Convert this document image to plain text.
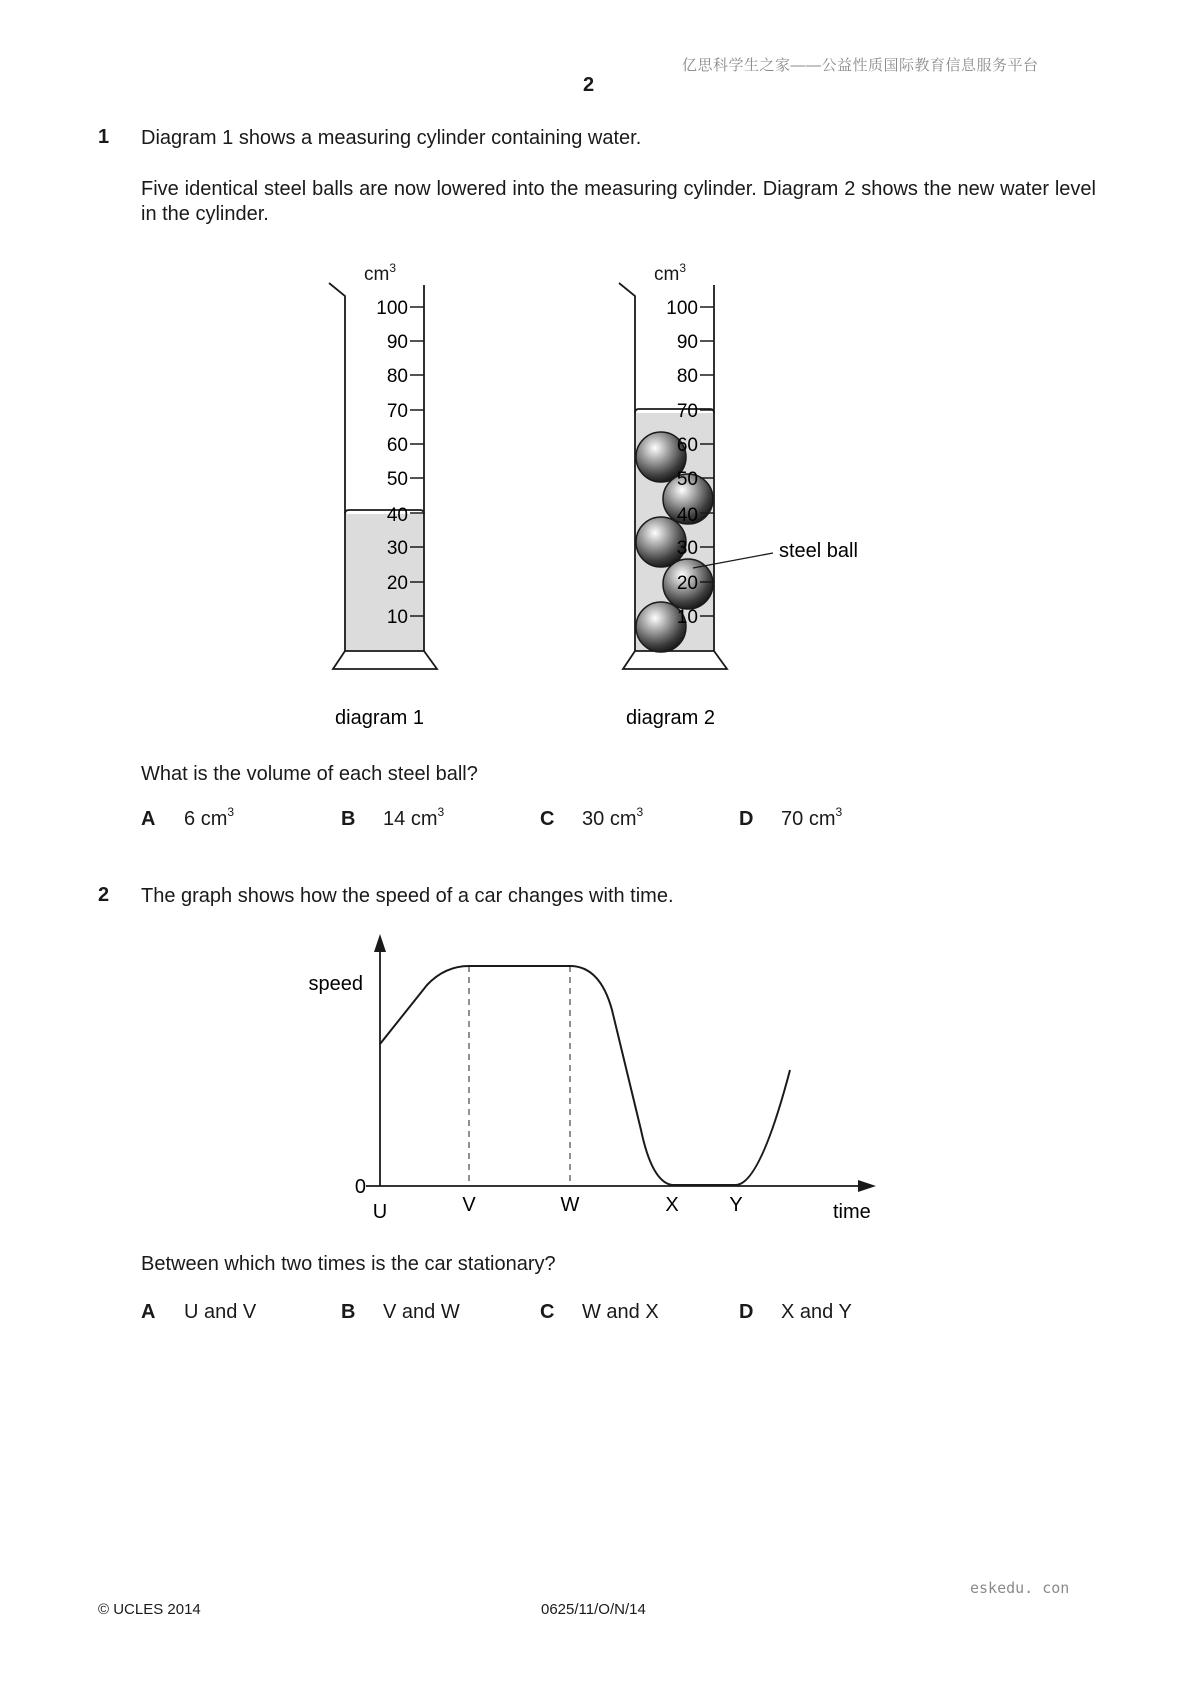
亿思科学生之家——公益性质国际教育信息服务平台
2
1 Diagram 1 shows a measuring cylinder containing water.
Five identical steel balls are now lowered into the measuring cylinder. Diagram 2 shows the new water level in the cylinder.
$cm^3$
100
90
80
70
60
50
40
30
20
10
$cm^3$
100
90
80
70
60
50
40
30
20
10
steel ball
diagram 1	diagram 2
What is the volume of each steel ball?
A 6 $cm^3$	B 14 $cm^3$	C 30 $cm^3$	D 70 $cm^3$
2 The graph shows how the speed of a car changes with time.
speed
0
time
U	V	W	X	Y
Between which two times is the car stationary?
A U and V	B V and W	C W and X	D X and Y
eskedu. con
© UCLES 2014	0625/11/O/N/14
